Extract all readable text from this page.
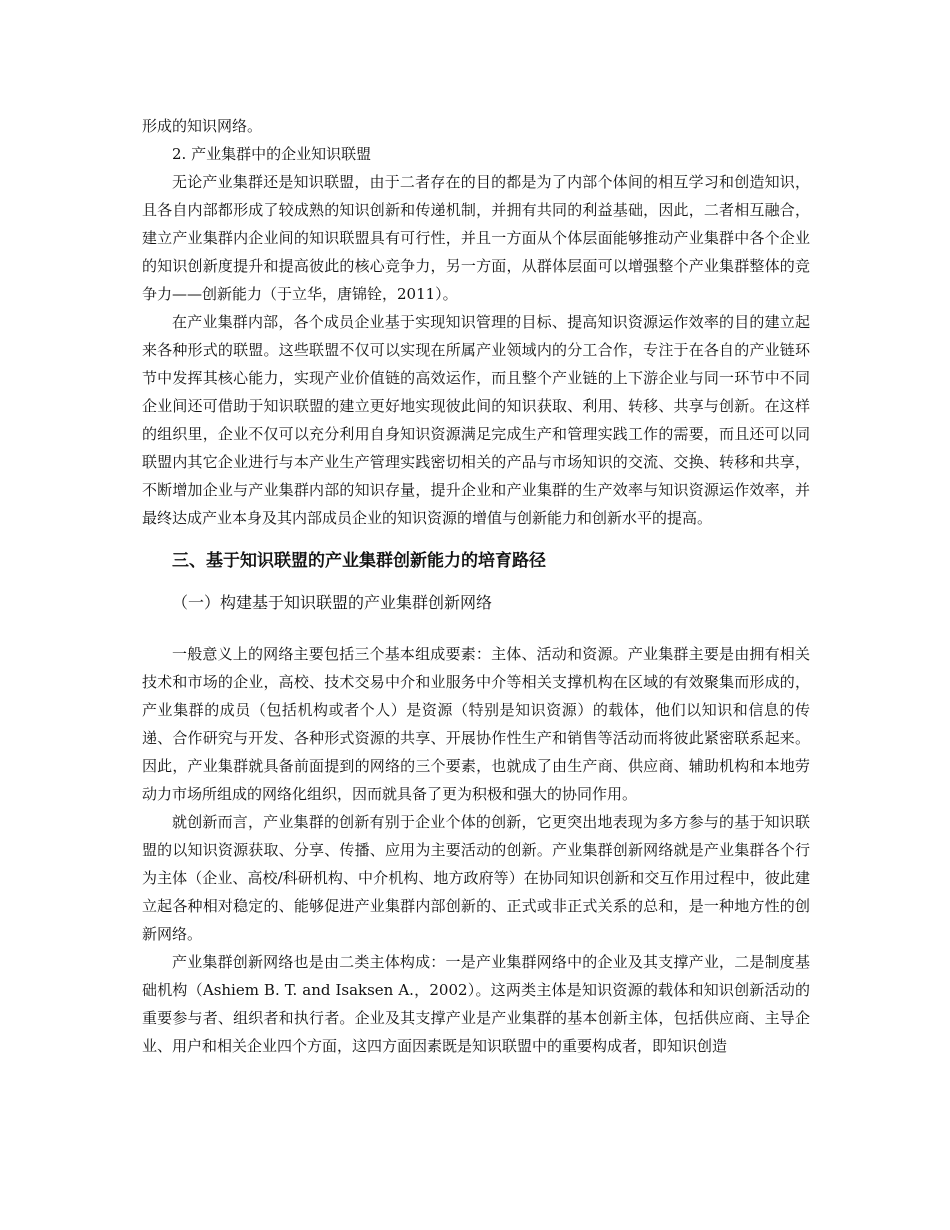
形成的知识网络。

2. 产业集群中的企业知识联盟

无论产业集群还是知识联盟，由于二者存在的目的都是为了内部个体间的相互学习和创造知识，且各自内部都形成了较成熟的知识创新和传递机制，并拥有共同的利益基础，因此，二者相互融合，建立产业集群内企业间的知识联盟具有可行性，并且一方面从个体层面能够推动产业集群中各个企业的知识创新度提升和提高彼此的核心竞争力，另一方面，从群体层面可以增强整个产业集群整体的竞争力——创新能力（于立华，唐锦铨，2011）。

在产业集群内部，各个成员企业基于实现知识管理的目标、提高知识资源运作效率的目的建立起来各种形式的联盟。这些联盟不仅可以实现在所属产业领域内的分工合作，专注于在各自的产业链环节中发挥其核心能力，实现产业价值链的高效运作，而且整个产业链的上下游企业与同一环节中不同企业间还可借助于知识联盟的建立更好地实现彼此间的知识获取、利用、转移、共享与创新。在这样的组织里，企业不仅可以充分利用自身知识资源满足完成生产和管理实践工作的需要，而且还可以同联盟内其它企业进行与本产业生产管理实践密切相关的产品与市场知识的交流、交换、转移和共享，不断增加企业与产业集群内部的知识存量，提升企业和产业集群的生产效率与知识资源运作效率，并最终达成产业本身及其内部成员企业的知识资源的增值与创新能力和创新水平的提高。

三、基于知识联盟的产业集群创新能力的培育路径
（一）构建基于知识联盟的产业集群创新网络

一般意义上的网络主要包括三个基本组成要素：主体、活动和资源。产业集群主要是由拥有相关技术和市场的企业，高校、技术交易中介和业服务中介等相关支撑机构在区域的有效聚集而形成的，产业集群的成员（包括机构或者个人）是资源（特别是知识资源）的载体，他们以知识和信息的传递、合作研究与开发、各种形式资源的共享、开展协作性生产和销售等活动而将彼此紧密联系起来。因此，产业集群就具备前面提到的网络的三个要素，也就成了由生产商、供应商、辅助机构和本地劳动力市场所组成的网络化组织，因而就具备了更为积极和强大的协同作用。

就创新而言，产业集群的创新有别于企业个体的创新，它更突出地表现为多方参与的基于知识联盟的以知识资源获取、分享、传播、应用为主要活动的创新。产业集群创新网络就是产业集群各个行为主体（企业、高校/科研机构、中介机构、地方政府等）在协同知识创新和交互作用过程中，彼此建立起各种相对稳定的、能够促进产业集群内部创新的、正式或非正式关系的总和，是一种地方性的创新网络。

产业集群创新网络也是由二类主体构成：一是产业集群网络中的企业及其支撑产业，二是制度基础机构（Ashiem B. T. and Isaksen A.，2002）。这两类主体是知识资源的载体和知识创新活动的重要参与者、组织者和执行者。企业及其支撑产业是产业集群的基本创新主体，包括供应商、主导企业、用户和相关企业四个方面，这四方面因素既是知识联盟中的重要构成者，即知识创造
